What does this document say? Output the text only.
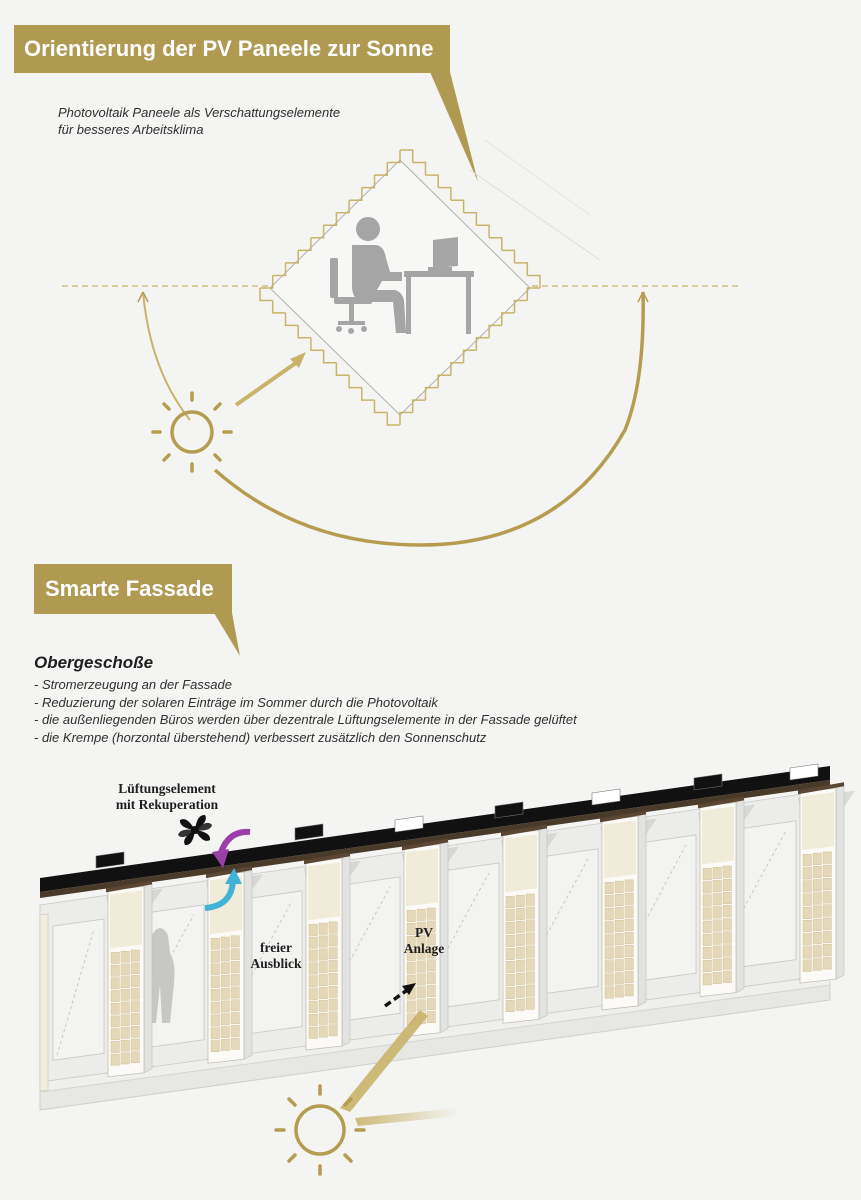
Orientierung der PV Paneele zur Sonne
Photovoltaik Paneele als Verschattungselemente
für besseres Arbeitsklima
Smarte Fassade
Obergeschoße
- Stromerzeugung an der Fassade
- Reduzierung der solaren Einträge im Sommer durch die Photovoltaik
- die außenliegenden Büros werden über dezentrale Lüftungselemente in der Fassade gelüftet
- die Krempe (horzontal überstehend) verbessert zusätzlich den Sonnenschutz
Lüftungselement
mit Rekuperation
freier
Ausblick
PV
Anlage
